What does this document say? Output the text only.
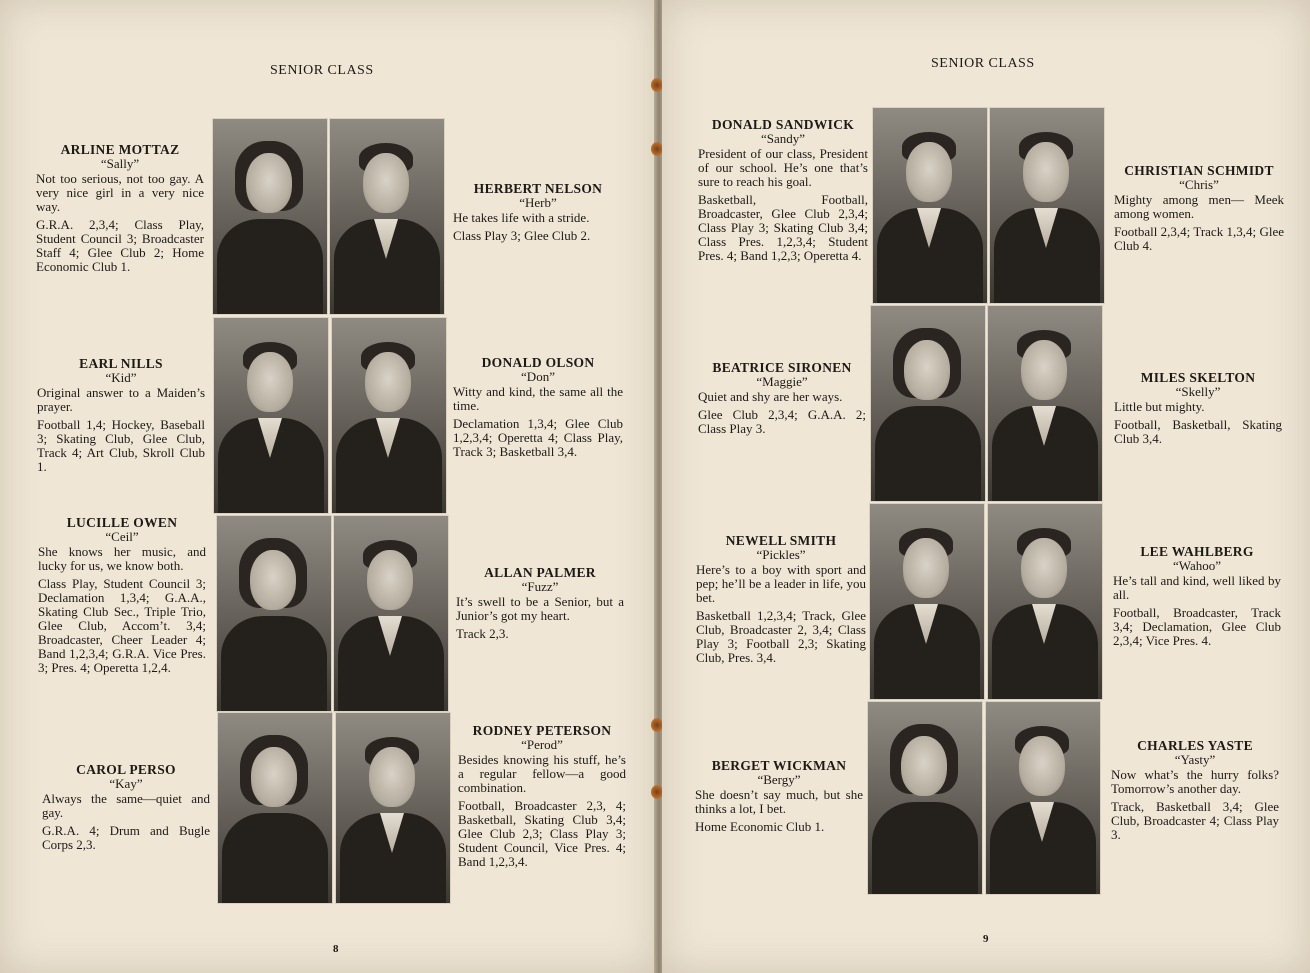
SENIOR CLASS
ARLINE MOTTAZ
“Sally”
Not too serious, not too gay. A very nice girl in a very nice way.
G.R.A. 2,3,4; Class Play, Student Council 3; Broadcaster Staff 4; Glee Club 2; Home Economic Club 1.
HERBERT NELSON
“Herb”
He takes life with a stride.
Class Play 3; Glee Club 2.
EARL NILLS
“Kid”
Original answer to a Maiden’s prayer.
Football 1,4; Hockey, Baseball 3; Skating Club, Glee Club, Track 4; Art Club, Skroll Club 1.
DONALD OLSON
“Don”
Witty and kind, the same all the time.
Declamation 1,3,4; Glee Club 1,2,3,4; Operetta 4; Class Play, Track 3; Basketball 3,4.
LUCILLE OWEN
“Ceil”
She knows her music, and lucky for us, we know both.
Class Play, Student Council 3; Declamation 1,3,4; G.A.A., Skating Club Sec., Triple Trio, Glee Club, Accom’t. 3,4; Broadcaster, Cheer Leader 4; Band 1,2,3,4; G.R.A. Vice Pres. 3; Pres. 4; Operetta 1,2,4.
ALLAN PALMER
“Fuzz”
It’s swell to be a Senior, but a Junior’s got my heart.
Track 2,3.
CAROL PERSO
“Kay”
Always the same—quiet and gay.
G.R.A. 4; Drum and Bugle Corps 2,3.
RODNEY PETERSON
“Perod”
Besides knowing his stuff, he’s a regular fellow—a good combination.
Football, Broadcaster 2,3, 4; Basketball, Skating Club 3,4; Glee Club 2,3; Class Play 3; Student Council, Vice Pres. 4; Band 1,2,3,4.
8
SENIOR CLASS
DONALD SANDWICK
“Sandy”
President of our class, President of our school. He’s one that’s sure to reach his goal.
Basketball, Football, Broadcaster, Glee Club 2,3,4; Class Play 3; Skating Club 3,4; Class Pres. 1,2,3,4; Student Pres. 4; Band 1,2,3; Operetta 4.
CHRISTIAN SCHMIDT
“Chris”
Mighty among men— Meek among women.
Football 2,3,4; Track 1,3,4; Glee Club 4.
BEATRICE SIRONEN
“Maggie”
Quiet and shy are her ways.
Glee Club 2,3,4; G.A.A. 2; Class Play 3.
MILES SKELTON
“Skelly”
Little but mighty.
Football, Basketball, Skating Club 3,4.
NEWELL SMITH
“Pickles”
Here’s to a boy with sport and pep; he’ll be a leader in life, you bet.
Basketball 1,2,3,4; Track, Glee Club, Broadcaster 2, 3,4; Class Play 3; Football 2,3; Skating Club, Pres. 3,4.
LEE WAHLBERG
“Wahoo”
He’s tall and kind, well liked by all.
Football, Broadcaster, Track 3,4; Declamation, Glee Club 2,3,4; Vice Pres. 4.
BERGET WICKMAN
“Bergy”
She doesn’t say much, but she thinks a lot, I bet.
Home Economic Club 1.
CHARLES YASTE
“Yasty”
Now what’s the hurry folks? Tomorrow’s another day.
Track, Basketball 3,4; Glee Club, Broadcaster 4; Class Play 3.
9
